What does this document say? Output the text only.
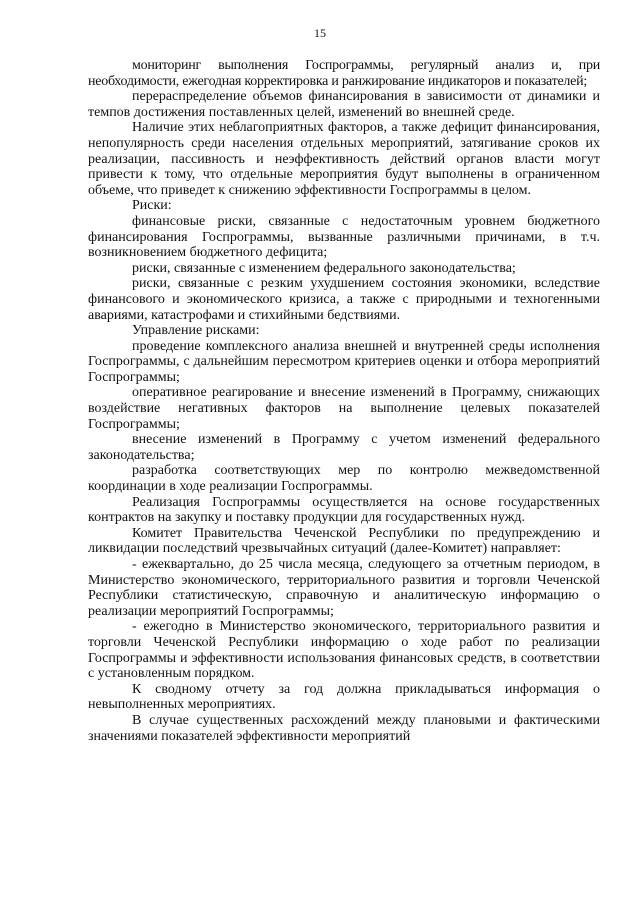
15

мониторинг выполнения Госпрограммы, регулярный анализ и, при необходимости, ежегодная корректировка и ранжирование индикаторов и показателей;

перераспределение объемов финансирования в зависимости от динамики и темпов достижения поставленных целей, изменений во внешней среде.

Наличие этих неблагоприятных факторов, а также дефицит финансирования, непопулярность среди населения отдельных мероприятий, затягивание сроков их реализации, пассивность и неэффективность действий органов власти могут привести к тому, что отдельные мероприятия будут выполнены в ограниченном объеме, что приведет к снижению эффективности Госпрограммы в целом.

Риски:

финансовые риски, связанные с недостаточным уровнем бюджетного финансирования Госпрограммы, вызванные различными причинами, в т.ч. возникновением бюджетного дефицита;

риски, связанные с изменением федерального законодательства;

риски, связанные с резким ухудшением состояния экономики, вследствие финансового и экономического кризиса, а также с природными и техногенными авариями, катастрофами и стихийными бедствиями.

Управление рисками:

проведение комплексного анализа внешней и внутренней среды исполнения Госпрограммы, с дальнейшим пересмотром критериев оценки и отбора мероприятий Госпрограммы;

оперативное реагирование и внесение изменений в Программу, снижающих воздействие негативных факторов на выполнение целевых показателей Госпрограммы;

внесение изменений в Программу с учетом изменений федерального законодательства;

разработка соответствующих мер по контролю межведомственной координации в ходе реализации Госпрограммы.

Реализация Госпрограммы осуществляется на основе государственных контрактов на закупку и поставку продукции для государственных нужд.

Комитет Правительства Чеченской Республики по предупреждению и ликвидации последствий чрезвычайных ситуаций (далее-Комитет) направляет:

- ежеквартально, до 25 числа месяца, следующего за отчетным периодом, в Министерство экономического, территориального развития и торговли Чеченской Республики статистическую, справочную и аналитическую информацию о реализации мероприятий Госпрограммы;

- ежегодно в Министерство экономического, территориального развития и торговли Чеченской Республики информацию о ходе работ по реализации Госпрограммы и эффективности использования финансовых средств, в соответствии с установленным порядком.

К сводному отчету за год должна прикладываться информация о невыполненных мероприятиях.

В случае существенных расхождений между плановыми и фактическими значениями показателей эффективности мероприятий
